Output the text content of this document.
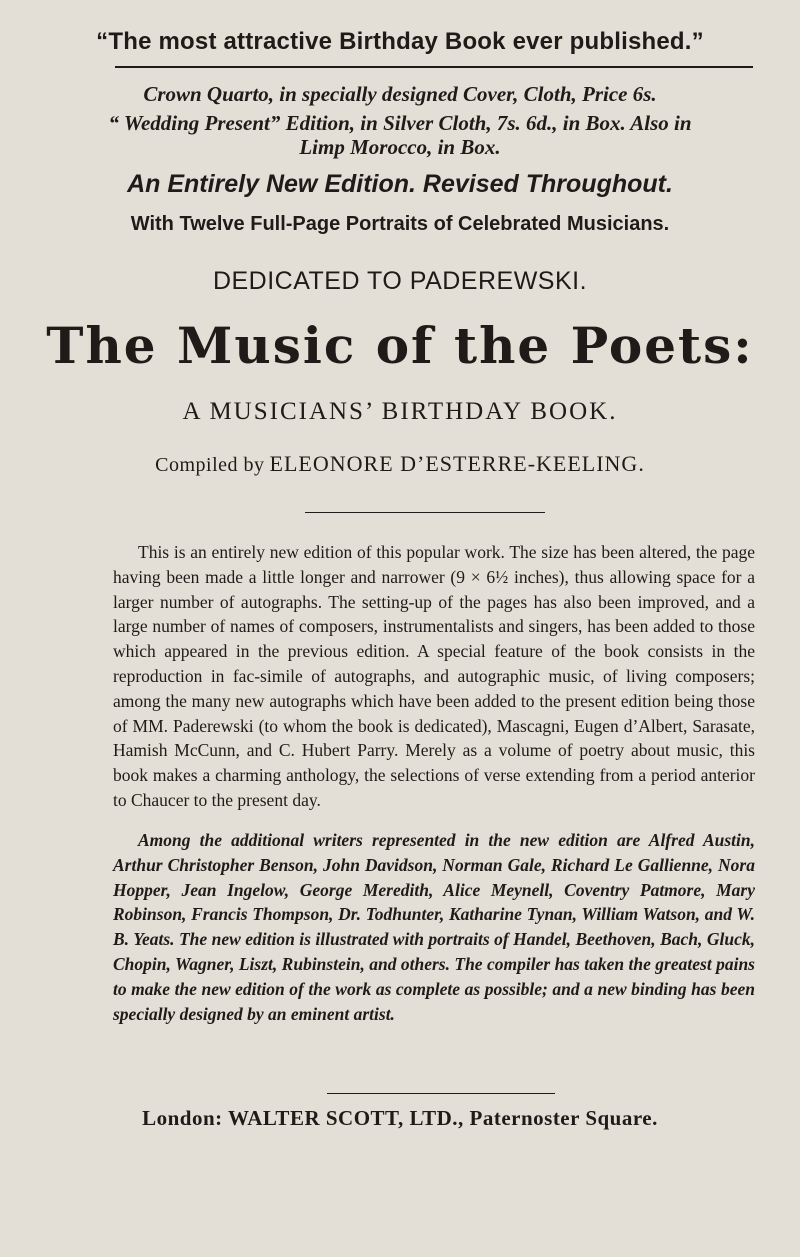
“The most attractive Birthday Book ever published.”
Crown Quarto, in specially designed Cover, Cloth, Price 6s.
“ Wedding Present” Edition, in Silver Cloth, 7s. 6d., in Box. Also in
Limp Morocco, in Box.
An Entirely New Edition. Revised Throughout.
With Twelve Full-Page Portraits of Celebrated Musicians.
DEDICATED TO PADEREWSKI.
The Music of the Poets:
A MUSICIANS’ BIRTHDAY BOOK.
Compiled by ELEONORE D’ESTERRE-KEELING.
This is an entirely new edition of this popular work. The size has been altered, the page having been made a little longer and narrower (9 × 6½ inches), thus allowing space for a larger number of autographs. The setting-up of the pages has also been improved, and a large number of names of composers, instrumentalists and singers, has been added to those which appeared in the previous edition. A special feature of the book consists in the reproduction in fac-simile of autographs, and autographic music, of living composers; among the many new autographs which have been added to the present edition being those of MM. Paderewski (to whom the book is dedicated), Mascagni, Eugen d’Albert, Sarasate, Hamish McCunn, and C. Hubert Parry. Merely as a volume of poetry about music, this book makes a charming anthology, the selections of verse extending from a period anterior to Chaucer to the present day.
Among the additional writers represented in the new edition are Alfred Austin, Arthur Christopher Benson, John Davidson, Norman Gale, Richard Le Gallienne, Nora Hopper, Jean Ingelow, George Meredith, Alice Meynell, Coventry Patmore, Mary Robinson, Francis Thompson, Dr. Todhunter, Katharine Tynan, William Watson, and W. B. Yeats. The new edition is illustrated with portraits of Handel, Beethoven, Bach, Gluck, Chopin, Wagner, Liszt, Rubinstein, and others. The compiler has taken the greatest pains to make the new edition of the work as complete as possible; and a new binding has been specially designed by an eminent artist.
London: WALTER SCOTT, LTD., Paternoster Square.
